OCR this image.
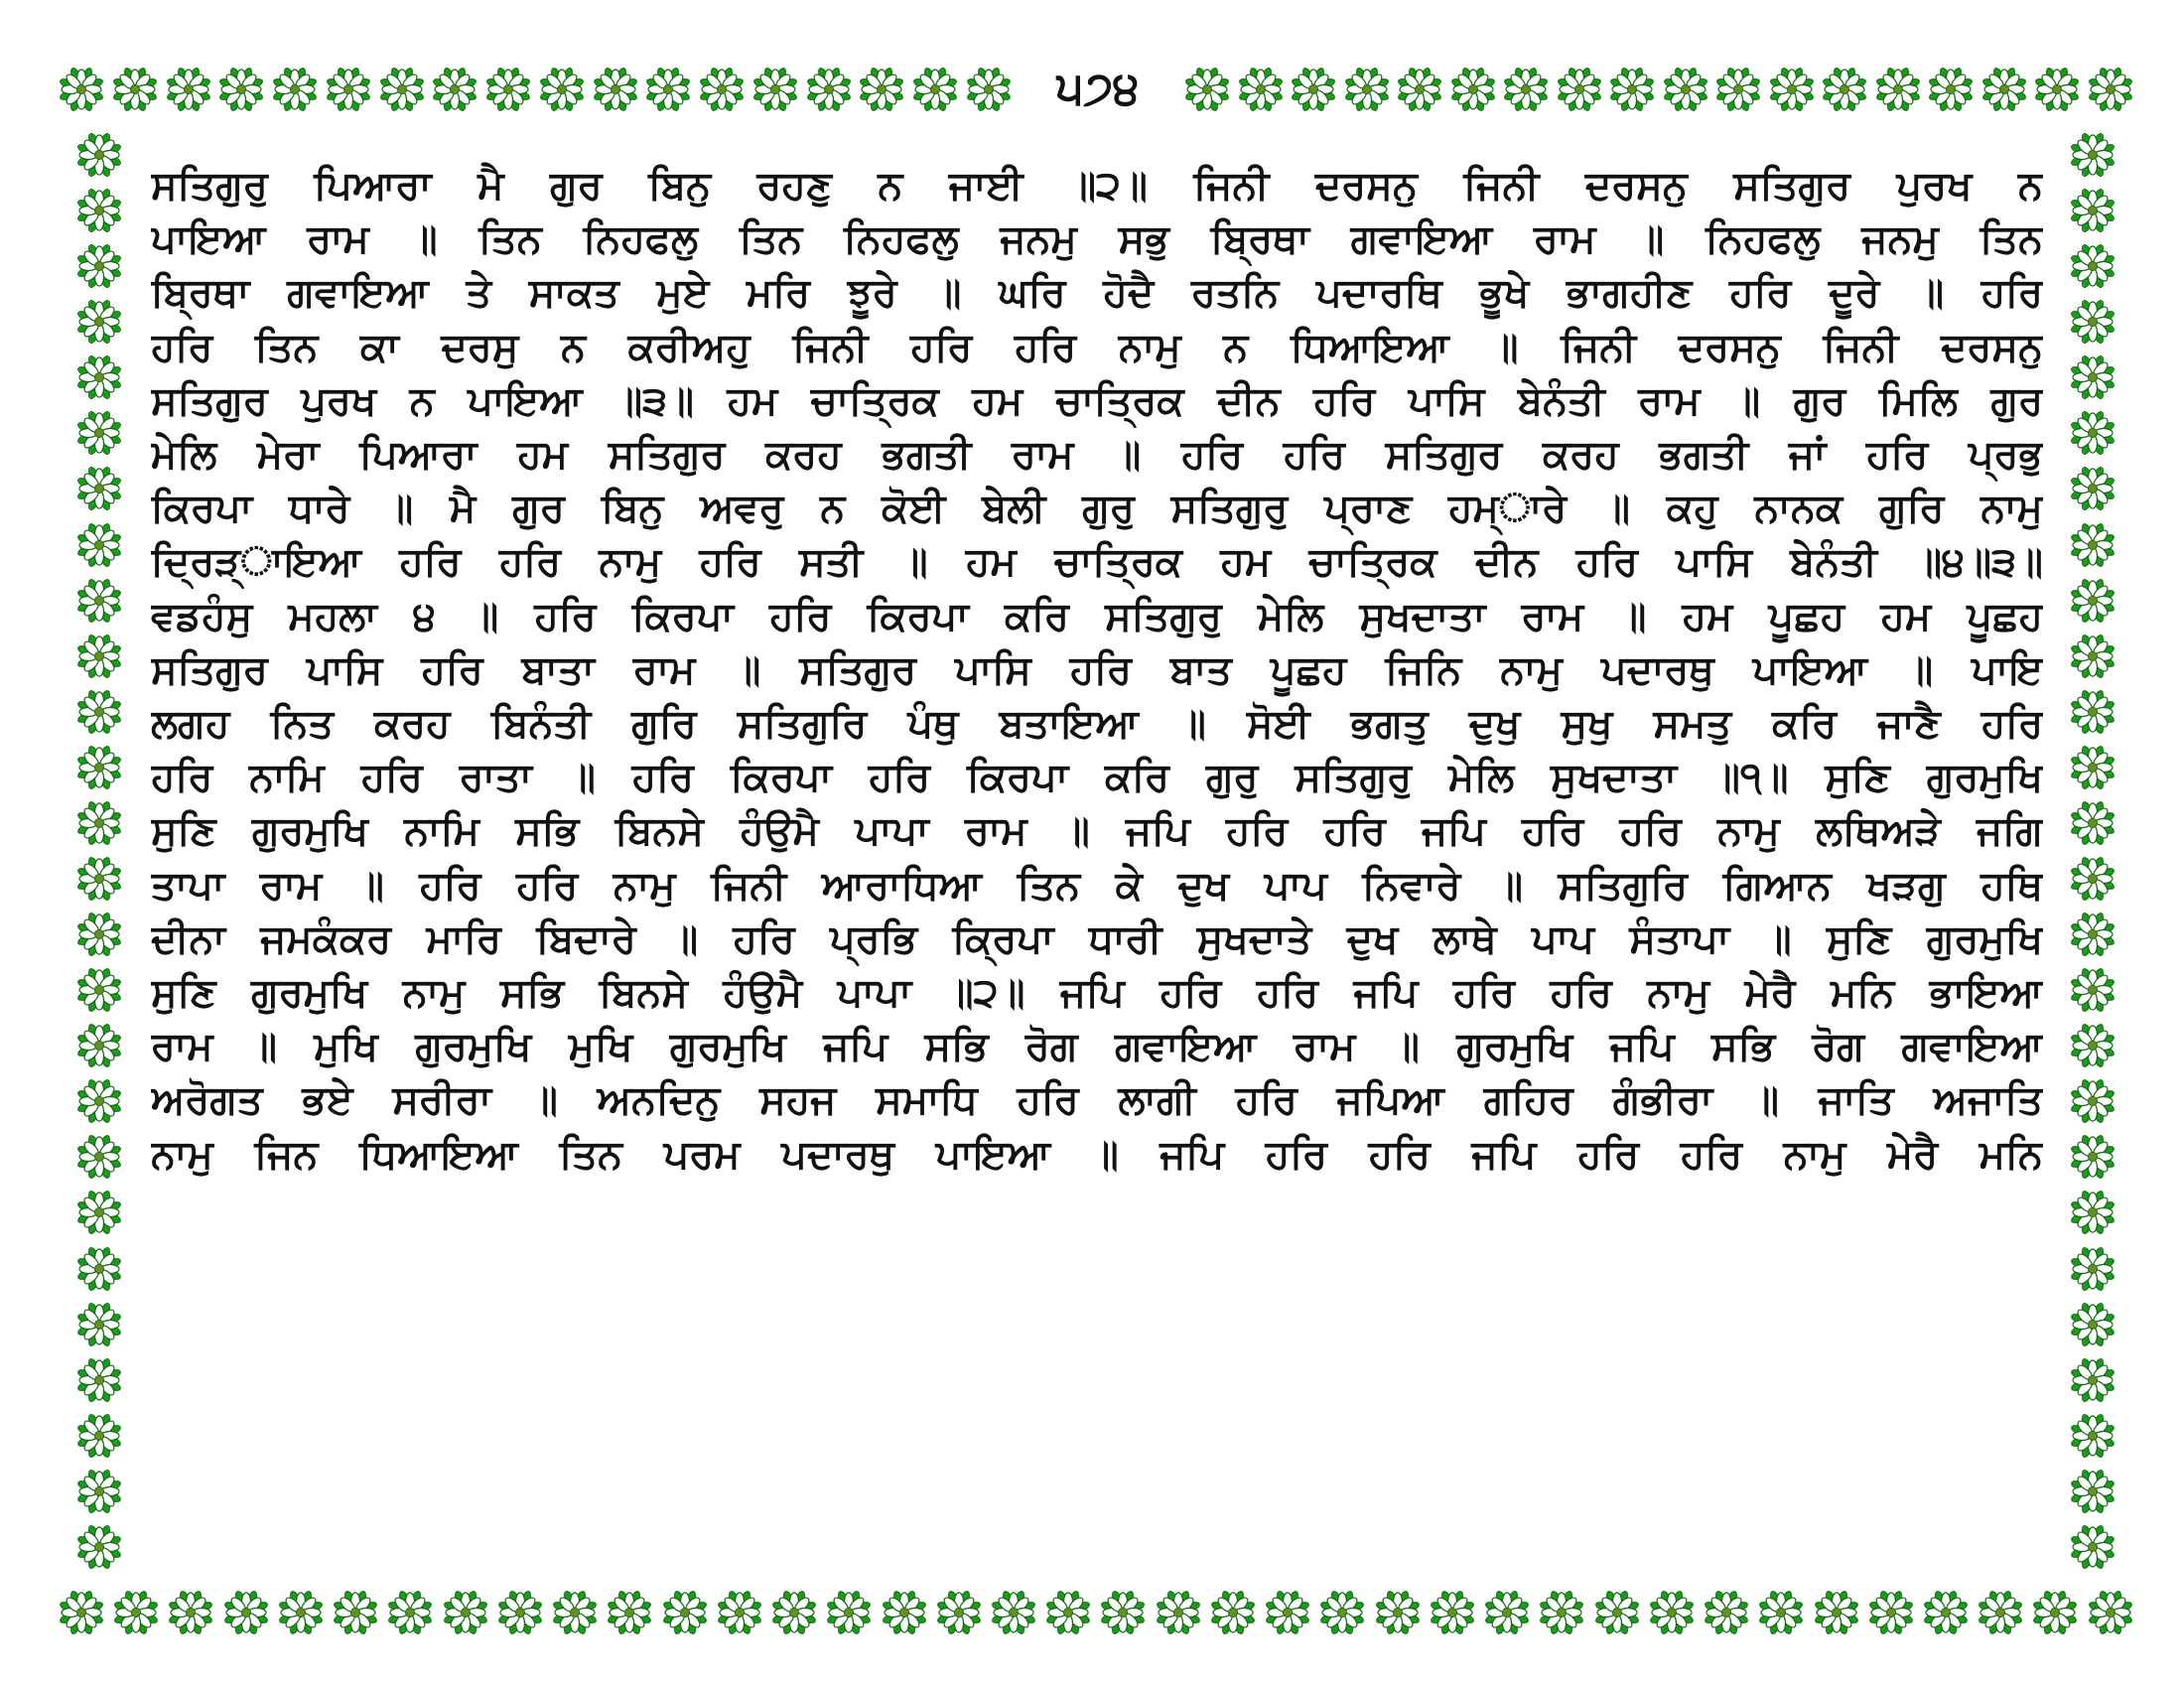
੫੭੪
ਸਤਿਗੁਰੁ ਪਿਆਰਾ ਮੈ ਗੁਰ ਬਿਨੁ ਰਹਣੁ ਨ ਜਾਈ ॥੨॥ ਜਿਨੀ ਦਰਸਨੁ ਜਿਨੀ ਦਰਸਨੁ ਸਤਿਗੁਰ ਪੁਰਖ ਨ
ਪਾਇਆ ਰਾਮ ॥ ਤਿਨ ਨਿਹਫਲੁ ਤਿਨ ਨਿਹਫਲੁ ਜਨਮੁ ਸਭੁ ਬ੍ਰਿਥਾ ਗਵਾਇਆ ਰਾਮ ॥ ਨਿਹਫਲੁ ਜਨਮੁ ਤਿਨ
ਬ੍ਰਿਥਾ ਗਵਾਇਆ ਤੇ ਸਾਕਤ ਮੁਏ ਮਰਿ ਝੂਰੇ ॥ ਘਰਿ ਹੋਦੈ ਰਤਨਿ ਪਦਾਰਥਿ ਭੂਖੇ ਭਾਗਹੀਣ ਹਰਿ ਦੂਰੇ ॥ ਹਰਿ
ਹਰਿ ਤਿਨ ਕਾ ਦਰਸੁ ਨ ਕਰੀਅਹੁ ਜਿਨੀ ਹਰਿ ਹਰਿ ਨਾਮੁ ਨ ਧਿਆਇਆ ॥ ਜਿਨੀ ਦਰਸਨੁ ਜਿਨੀ ਦਰਸਨੁ
ਸਤਿਗੁਰ ਪੁਰਖ ਨ ਪਾਇਆ ॥੩॥ ਹਮ ਚਾਤ੍ਰਿਕ ਹਮ ਚਾਤ੍ਰਿਕ ਦੀਨ ਹਰਿ ਪਾਸਿ ਬੇਨੰਤੀ ਰਾਮ ॥ ਗੁਰ ਮਿਲਿ ਗੁਰ
ਮੇਲਿ ਮੇਰਾ ਪਿਆਰਾ ਹਮ ਸਤਿਗੁਰ ਕਰਹ ਭਗਤੀ ਰਾਮ ॥ ਹਰਿ ਹਰਿ ਸਤਿਗੁਰ ਕਰਹ ਭਗਤੀ ਜਾਂ ਹਰਿ ਪ੍ਰਭੁ
ਕਿਰਪਾ ਧਾਰੇ ॥ ਮੈ ਗੁਰ ਬਿਨੁ ਅਵਰੁ ਨ ਕੋਈ ਬੇਲੀ ਗੁਰੁ ਸਤਿਗੁਰੁ ਪ੍ਰਾਣ ਹਮ੍ਾਰੇ ॥ ਕਹੁ ਨਾਨਕ ਗੁਰਿ ਨਾਮੁ
ਦ੍ਰਿੜ੍ਾਇਆ ਹਰਿ ਹਰਿ ਨਾਮੁ ਹਰਿ ਸਤੀ ॥ ਹਮ ਚਾਤ੍ਰਿਕ ਹਮ ਚਾਤ੍ਰਿਕ ਦੀਨ ਹਰਿ ਪਾਸਿ ਬੇਨੰਤੀ ॥੪॥੩॥
ਵਡਹੰਸੁ ਮਹਲਾ ੪ ॥ ਹਰਿ ਕਿਰਪਾ ਹਰਿ ਕਿਰਪਾ ਕਰਿ ਸਤਿਗੁਰੁ ਮੇਲਿ ਸੁਖਦਾਤਾ ਰਾਮ ॥ ਹਮ ਪੂਛਹ ਹਮ ਪੂਛਹ
ਸਤਿਗੁਰ ਪਾਸਿ ਹਰਿ ਬਾਤਾ ਰਾਮ ॥ ਸਤਿਗੁਰ ਪਾਸਿ ਹਰਿ ਬਾਤ ਪੂਛਹ ਜਿਨਿ ਨਾਮੁ ਪਦਾਰਥੁ ਪਾਇਆ ॥ ਪਾਇ
ਲਗਹ ਨਿਤ ਕਰਹ ਬਿਨੰਤੀ ਗੁਰਿ ਸਤਿਗੁਰਿ ਪੰਥੁ ਬਤਾਇਆ ॥ ਸੋਈ ਭਗਤੁ ਦੁਖੁ ਸੁਖੁ ਸਮਤੁ ਕਰਿ ਜਾਣੈ ਹਰਿ
ਹਰਿ ਨਾਮਿ ਹਰਿ ਰਾਤਾ ॥ ਹਰਿ ਕਿਰਪਾ ਹਰਿ ਕਿਰਪਾ ਕਰਿ ਗੁਰੁ ਸਤਿਗੁਰੁ ਮੇਲਿ ਸੁਖਦਾਤਾ ॥੧॥ ਸੁਣਿ ਗੁਰਮੁਖਿ
ਸੁਣਿ ਗੁਰਮੁਖਿ ਨਾਮਿ ਸਭਿ ਬਿਨਸੇ ਹੰਉਮੈ ਪਾਪਾ ਰਾਮ ॥ ਜਪਿ ਹਰਿ ਹਰਿ ਜਪਿ ਹਰਿ ਹਰਿ ਨਾਮੁ ਲਥਿਅੜੇ ਜਗਿ
ਤਾਪਾ ਰਾਮ ॥ ਹਰਿ ਹਰਿ ਨਾਮੁ ਜਿਨੀ ਆਰਾਧਿਆ ਤਿਨ ਕੇ ਦੁਖ ਪਾਪ ਨਿਵਾਰੇ ॥ ਸਤਿਗੁਰਿ ਗਿਆਨ ਖੜਗੁ ਹਥਿ
ਦੀਨਾ ਜਮਕੰਕਰ ਮਾਰਿ ਬਿਦਾਰੇ ॥ ਹਰਿ ਪ੍ਰਭਿ ਕ੍ਰਿਪਾ ਧਾਰੀ ਸੁਖਦਾਤੇ ਦੁਖ ਲਾਥੇ ਪਾਪ ਸੰਤਾਪਾ ॥ ਸੁਣਿ ਗੁਰਮੁਖਿ
ਸੁਣਿ ਗੁਰਮੁਖਿ ਨਾਮੁ ਸਭਿ ਬਿਨਸੇ ਹੰਉਮੈ ਪਾਪਾ ॥੨॥ ਜਪਿ ਹਰਿ ਹਰਿ ਜਪਿ ਹਰਿ ਹਰਿ ਨਾਮੁ ਮੇਰੈ ਮਨਿ ਭਾਇਆ
ਰਾਮ ॥ ਮੁਖਿ ਗੁਰਮੁਖਿ ਮੁਖਿ ਗੁਰਮੁਖਿ ਜਪਿ ਸਭਿ ਰੋਗ ਗਵਾਇਆ ਰਾਮ ॥ ਗੁਰਮੁਖਿ ਜਪਿ ਸਭਿ ਰੋਗ ਗਵਾਇਆ
ਅਰੋਗਤ ਭਏ ਸਰੀਰਾ ॥ ਅਨਦਿਨੁ ਸਹਜ ਸਮਾਧਿ ਹਰਿ ਲਾਗੀ ਹਰਿ ਜਪਿਆ ਗਹਿਰ ਗੰਭੀਰਾ ॥ ਜਾਤਿ ਅਜਾਤਿ
ਨਾਮੁ ਜਿਨ ਧਿਆਇਆ ਤਿਨ ਪਰਮ ਪਦਾਰਥੁ ਪਾਇਆ ॥ ਜਪਿ ਹਰਿ ਹਰਿ ਜਪਿ ਹਰਿ ਹਰਿ ਨਾਮੁ ਮੇਰੈ ਮਨਿ
